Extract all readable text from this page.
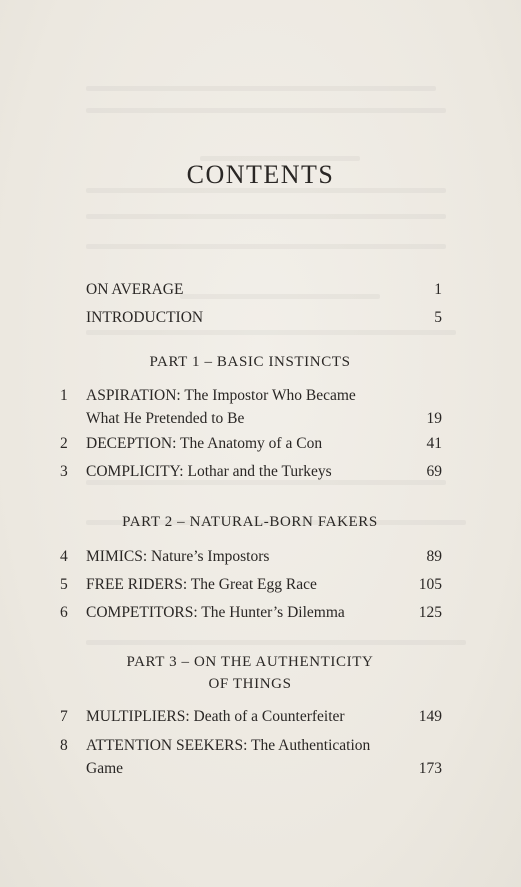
CONTENTS
ON AVERAGE	1
INTRODUCTION	5
PART 1 – BASIC INSTINCTS
1 ASPIRATION: The Impostor Who Became
What He Pretended to Be	19
2 DECEPTION: The Anatomy of a Con	41
3 COMPLICITY: Lothar and the Turkeys	69
PART 2 – NATURAL-BORN FAKERS
4 MIMICS: Nature’s Impostors	89
5 FREE RIDERS: The Great Egg Race	105
6 COMPETITORS: The Hunter’s Dilemma	125
PART 3 – ON THE AUTHENTICITY
OF THINGS
7 MULTIPLIERS: Death of a Counterfeiter	149
8 ATTENTION SEEKERS: The Authentication
Game	173
